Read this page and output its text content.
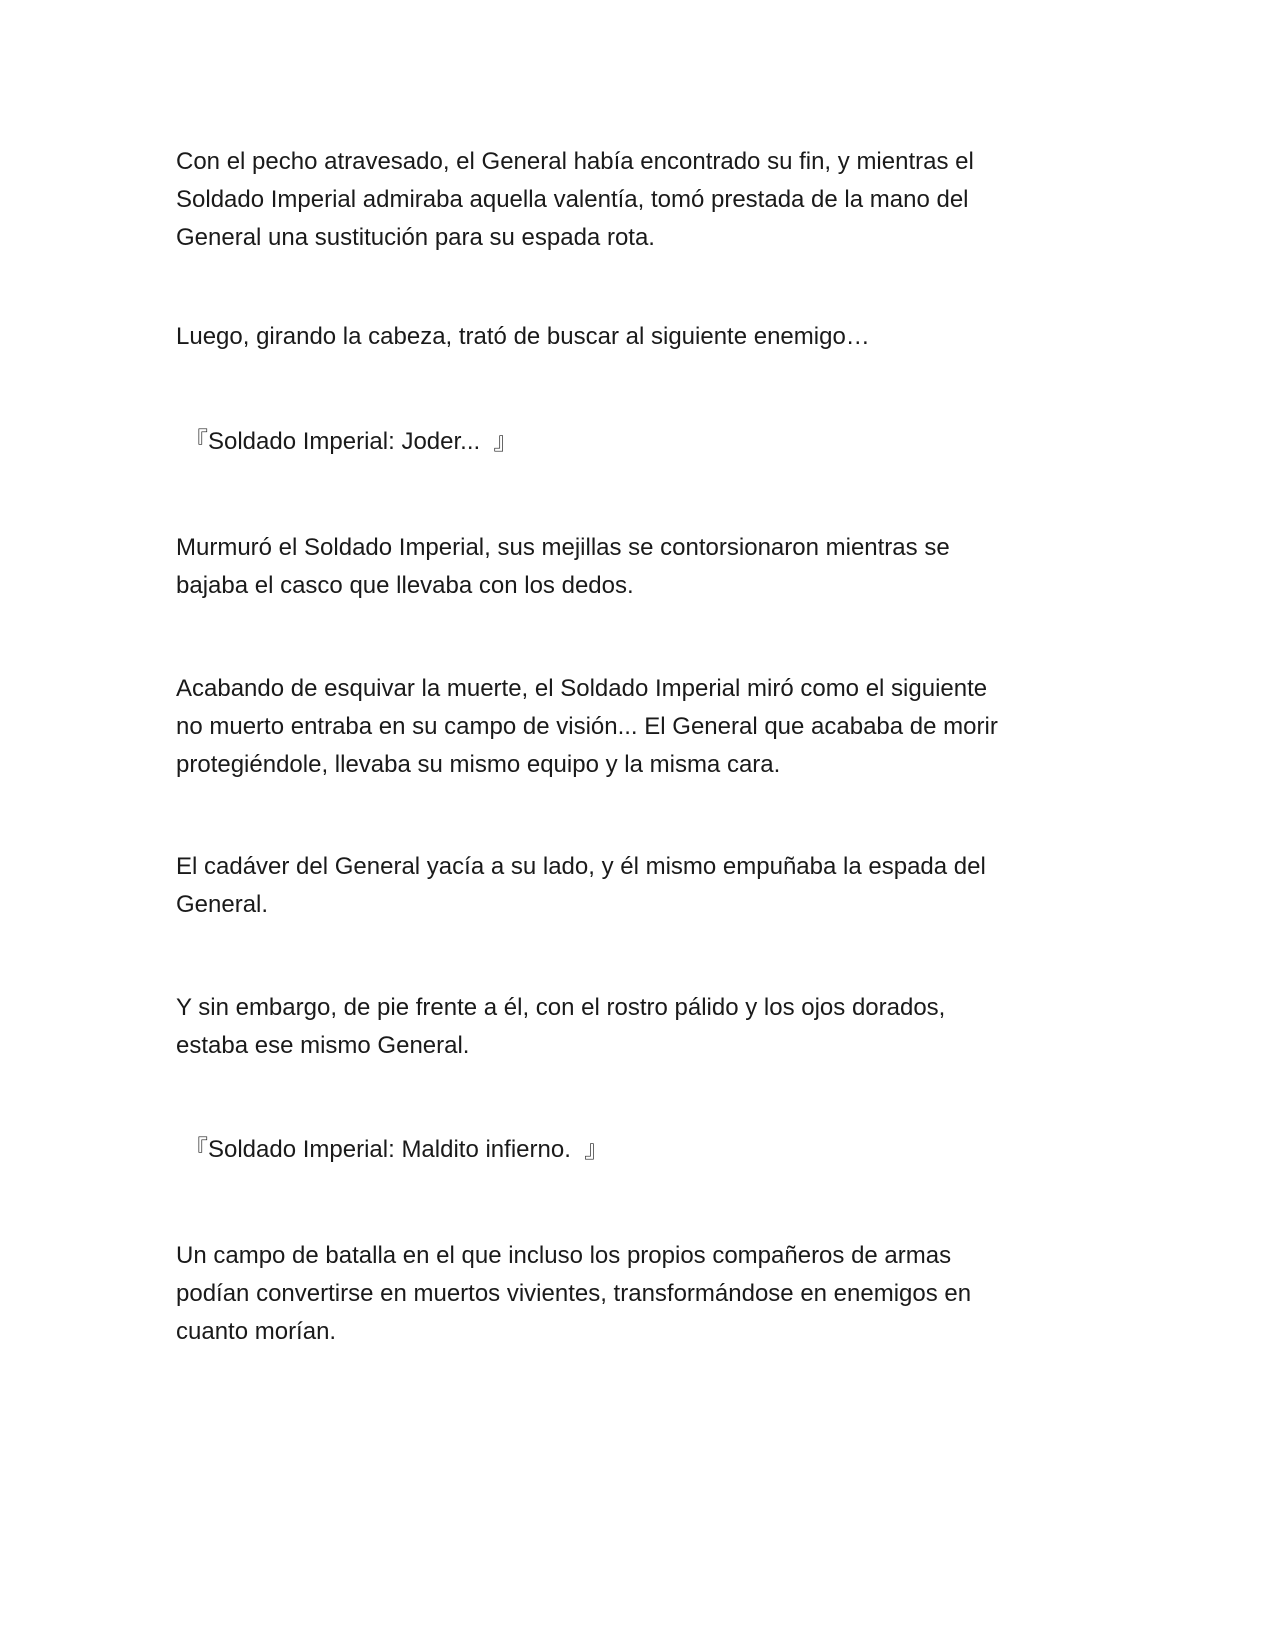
Con el pecho atravesado, el General había encontrado su fin, y mientras el
Soldado Imperial admiraba aquella valentía, tomó prestada de la mano del
General una sustitución para su espada rota.

Luego, girando la cabeza, trató de buscar al siguiente enemigo…

『Soldado Imperial: Joder...  』

Murmuró el Soldado Imperial, sus mejillas se contorsionaron mientras se
bajaba el casco que llevaba con los dedos.

Acabando de esquivar la muerte, el Soldado Imperial miró como el siguiente
no muerto entraba en su campo de visión... El General que acababa de morir
protegiéndole, llevaba su mismo equipo y la misma cara.

El cadáver del General yacía a su lado, y él mismo empuñaba la espada del
General.

Y sin embargo, de pie frente a él, con el rostro pálido y los ojos dorados,
estaba ese mismo General.

『Soldado Imperial: Maldito infierno.  』

Un campo de batalla en el que incluso los propios compañeros de armas
podían convertirse en muertos vivientes, transformándose en enemigos en
cuanto morían.
